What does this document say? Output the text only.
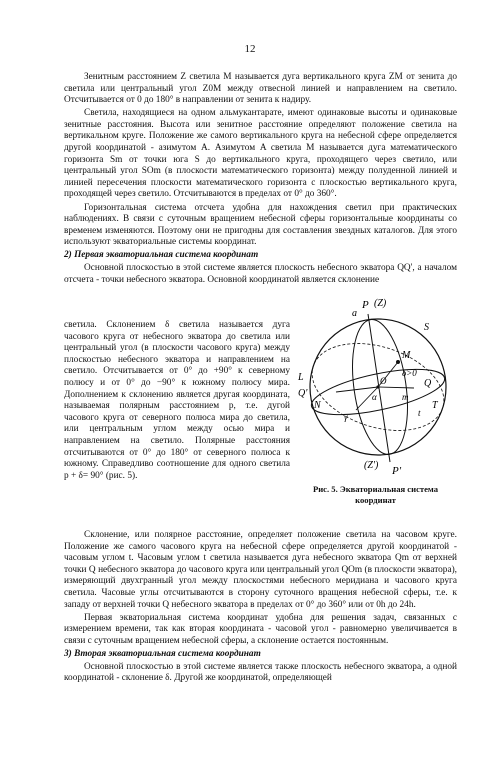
12

Зенитным расстоянием Z светила M называется дуга вертикального круга ZM от зенита до светила или центральный угол Z0M между отвесной линией и направлением на светило. Отсчитывается от 0 до 180° в направлении от зенита к надиру.

Светила, находящиеся на одном альмукантарате, имеют одинаковые высоты и одинаковые зенитные расстояния. Высота или зенитное расстояние определяют положение светила на вертикальном круге. Положение же самого вертикального круга на небесной сфере определяется другой координатой - азимутом A. Азимутом A светила M называется дуга математического горизонта Sm от точки юга S до вертикального круга, проходящего через светило, или центральный угол SOm (в плоскости математического горизонта) между полуденной линией и линией пересечения плоскости математического горизонта с плоскостью вертикального круга, проходящей через светило. Отсчитываются в пределах от 0° до 360°.

Горизонтальная система отсчета удобна для нахождения светил при практических наблюдениях. В связи с суточным вращением небесной сферы горизонтальные координаты со временем изменяются. Поэтому они не пригодны для составления звездных каталогов. Для этого используют экваториальные системы координат.

2) Первая экваториальная система координат

Основной плоскостью в этой системе является плоскость небесного экватора QQ', а началом отсчета - точки небесного экватора. Основной координатой является склонение

светила. Склонением δ светила называется дуга часового круга от небесного экватора до светила или центральный угол (в плоскости часового круга) между плоскостью небесного экватора и направлением на светило. Отсчитывается от 0° до +90° к северному полюсу и от 0° до −90° к южному полюсу мира. Дополнением к склонению является другая координата, называемая полярным расстоянием p, т.е. дугой часового круга от северного полюса мира до светила, или центральным углом между осью мира и направлением на светило. Полярные расстояния отсчитываются от 0° до 180° от северного полюса к южному. Справедливо соотношение для одного светила p + δ= 90° (рис. 5).

P (Z)
a
S
L
N
M
δ>0
O
α	m
Q
Q'
T
t
γ
(Z') P'
Рис. 5. Экваториальная система координат

Склонение, или полярное расстояние, определяет положение светила на часовом круге. Положение же самого часового круга на небесной сфере определяется другой координатой - часовым углом t. Часовым углом t светила называется дуга небесного экватора Qm от верхней точки Q небесного экватора до часового круга или центральный угол QOm (в плоскости экватора), измеряющий двухгранный угол между плоскостями небесного меридиана и часового круга светила. Часовые углы отсчитываются в сторону суточного вращения небесной сферы, т.е. к западу от верхней точки Q небесного экватора в пределах от 0° до 360° или от 0h до 24h.

Первая экваториальная система координат удобна для решения задач, связанных с измерением времени, так как вторая координата - часовой угол - равномерно увеличивается в связи с суточным вращением небесной сферы, а склонение остается постоянным.

3) Вторая экваториальная система координат

Основной плоскостью в этой системе является также плоскость небесного экватора, а одной координатой - склонение δ. Другой же координатой, определяющей
